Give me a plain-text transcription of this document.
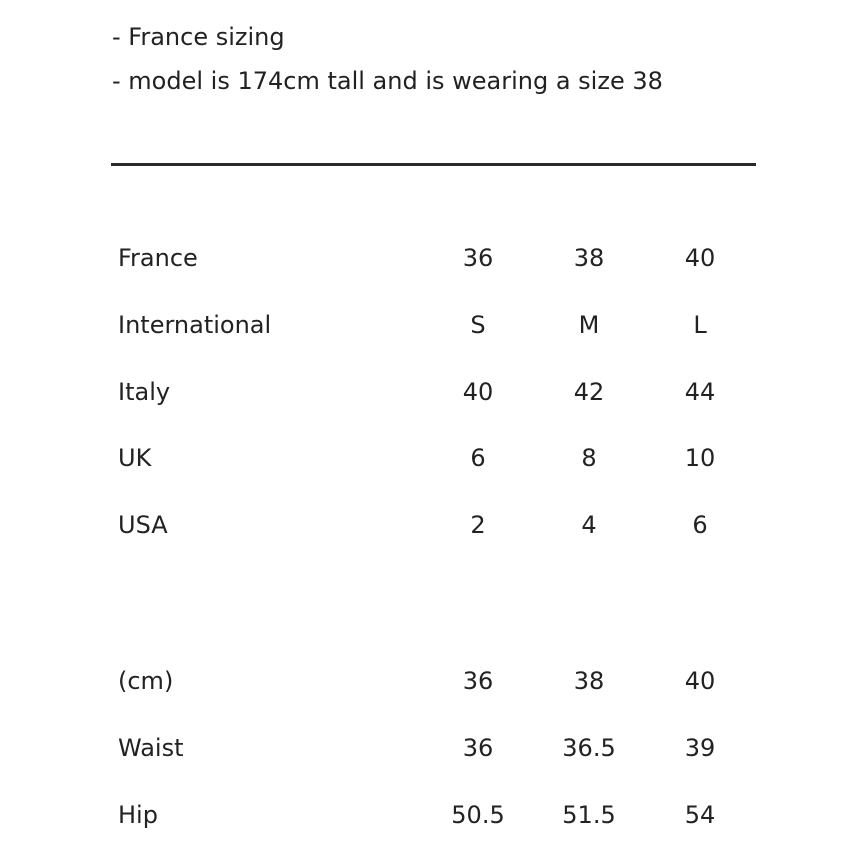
- France sizing
- model is 174cm tall and is wearing a size 38
France	36	38	40
International	S	M	L
Italy	40	42	44
UK	6	8	10
USA	2	4	6
(cm)	36	38	40
Waist	36	36.5	39
Hip	50.5	51.5	54
